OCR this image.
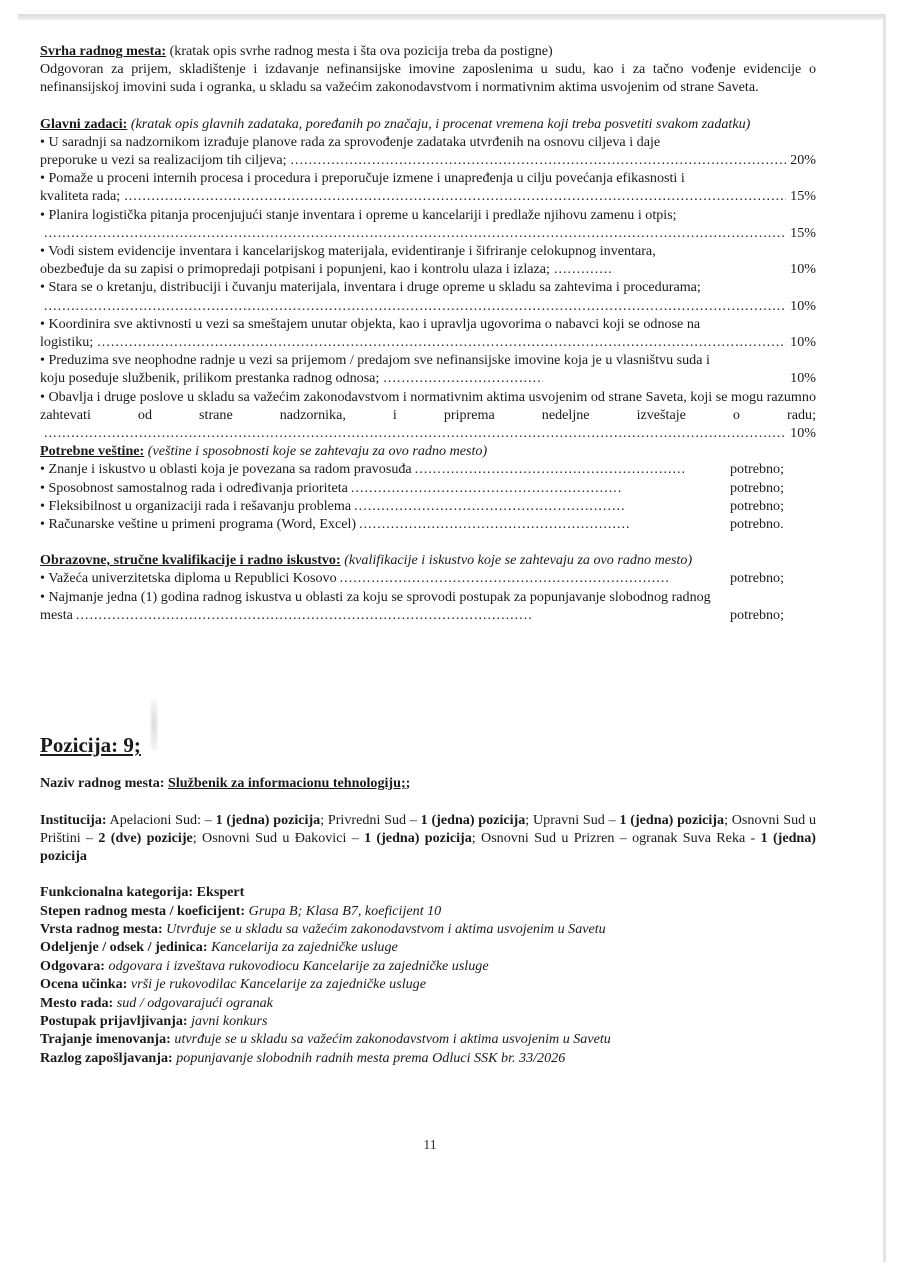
Svrha radnog mesta: (kratak opis svrhe radnog mesta i šta ova pozicija treba da postigne)

Odgovoran za prijem, skladištenje i izdavanje nefinansijske imovine zaposlenima u sudu, kao i za tačno vođenje evidencije o nefinansijskoj imovini suda i ogranka, u skladu sa važećim zakonodavstvom i normativnim aktima usvojenim od strane Saveta.

Glavni zadaci: (kratak opis glavnih zadataka, poređanih po značaju, i procenat vremena koji treba posvetiti svakom zadatku)

• U saradnji sa nadzornikom izrađuje planove rada za sprovođenje zadataka utvrđenih na osnovu ciljeva i daje

preporuke u vezi sa realizacijom tih ciljeva; .....	20%

• Pomaže u proceni internih procesa i procedura i preporučuje izmene i unapređenja u cilju povećanja efikasnosti i

kvaliteta rada; .....	15%

• Planira logistička pitanja procenjujući stanje inventara i opreme u kancelariji i predlaže njihovu zamenu i otpis;

.....
15%

• Vodi sistem evidencije inventara i kancelarijskog materijala, evidentiranje i šifriranje celokupnog inventara,

obezbeđuje da su zapisi o primopredaji potpisani i popunjeni, kao i kontrolu ulaza i izlaza; .....	10%

• Stara se o kretanju, distribuciji i čuvanju materijala, inventara i druge opreme u skladu sa zahtevima i procedurama;

.....
10%

• Koordinira sve aktivnosti u vezi sa smeštajem unutar objekta, kao i upravlja ugovorima o nabavci koji se odnose na

logistiku; .....	10%

• Preduzima sve neophodne radnje u vezi sa prijemom / predajom sve nefinansijske imovine koja je u vlasništvu suda i

koju poseduje službenik, prilikom prestanka radnog odnosa; .....	10%

• Obavlja i druge poslove u skladu sa važećim zakonodavstvom i normativnim aktima usvojenim od strane Saveta, koji se mogu razumno zahtevati od strane nadzornika, i priprema nedeljne izveštaje o radu;

.....
10%

Potrebne veštine: (veštine i sposobnosti koje se zahtevaju za ovo radno mesto)

• Znanje i iskustvo u oblasti koja je povezana sa radom pravosuđa .....	potrebno;
• Sposobnost samostalnog rada i određivanja prioriteta .....	potrebno;
• Fleksibilnost u organizaciji rada i rešavanju problema .....	potrebno;
• Računarske veštine u primeni programa (Word, Excel) .....	potrebno.

Obrazovne, stručne kvalifikacije i radno iskustvo: (kvalifikacije i iskustvo koje se zahtevaju za ovo radno mesto)

• Važeća univerzitetska diploma u Republici Kosovo .....	potrebno;

• Najmanje jedna (1) godina radnog iskustva u oblasti za koju se sprovodi postupak za popunjavanje slobodnog radnog

mesta .....	potrebno;

Pozicija: 9;

Naziv radnog mesta: Službenik za informacionu tehnologiju;;

Institucija: Apelacioni Sud: – 1 (jedna) pozicija; Privredni Sud – 1 (jedna) pozicija; Upravni Sud – 1 (jedna) pozicija; Osnovni Sud u Prištini – 2 (dve) pozicije; Osnovni Sud u Đakovici – 1 (jedna) pozicija; Osnovni Sud u Prizren – ogranak Suva Reka - 1 (jedna) pozicija

Funkcionalna kategorija: Ekspert

Stepen radnog mesta / koeficijent: Grupa B; Klasa B7, koeficijent 10

Vrsta radnog mesta: Utvrđuje se u skladu sa važećim zakonodavstvom i aktima usvojenim u Savetu

Odeljenje / odsek / jedinica: Kancelarija za zajedničke usluge

Odgovara: odgovara i izveštava rukovodiocu Kancelarije za zajedničke usluge

Ocena učinka: vrši je rukovodilac Kancelarije za zajedničke usluge

Mesto rada: sud / odgovarajući ogranak

Postupak prijavljivanja: javni konkurs

Trajanje imenovanja: utvrđuje se u skladu sa važećim zakonodavstvom i aktima usvojenim u Savetu

Razlog zapošljavanja: popunjavanje slobodnih radnih mesta prema Odluci SSK br. 33/2026

11
